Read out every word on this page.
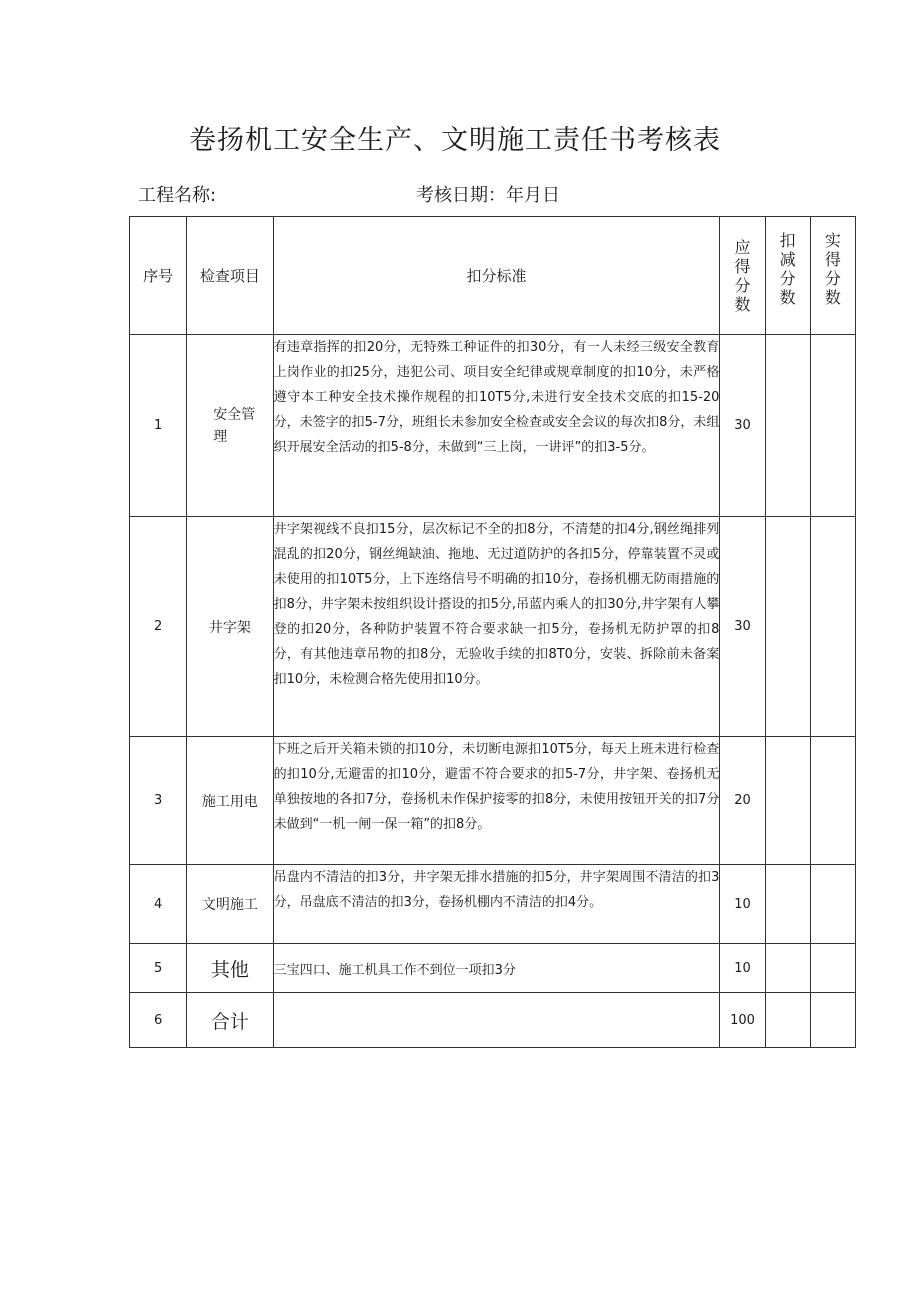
卷扬机工安全生产、文明施工责任书考核表
工程名称:	考核日期：年月日
序号	检查项目	扣分标准	应得分数	扣减分数	实得分数

1	安全管理	有违章指挥的扣20分，无特殊工种证件的扣30分，有一人未经三级安全教育上岗作业的扣25分，违犯公司、项目安全纪律或规章制度的扣10分，未严格遵守本工种安全技术操作规程的扣10T5分,未进行安全技术交底的扣15-20分，未签字的扣5-7分，班组长未参加安全检查或安全会议的每次扣8分，未组织开展安全活动的扣5-8分，未做到“三上岗，一讲评”的扣3-5分。	30		
2	井字架	井字架视线不良扣15分，层次标记不全的扣8分，不清楚的扣4分,钢丝绳排列混乱的扣20分，钢丝绳缺油、拖地、无过道防护的各扣5分，停靠装置不灵或未使用的扣10T5分，上下连络信号不明确的扣10分，卷扬机棚无防雨措施的扣8分，井字架未按组织设计搭设的扣5分,吊蓝内乘人的扣30分,井字架有人攀登的扣20分，各种防护装置不符合要求缺一扣5分，卷扬机无防护罩的扣8分，有其他违章吊物的扣8分，无验收手续的扣8T0分，安装、拆除前未备案扣10分，未检测合格先使用扣10分。	30		
3	施工用电	下班之后开关箱未锁的扣10分，未切断电源扣10T5分，每天上班未进行检查的扣10分,无避雷的扣10分，避雷不符合要求的扣5-7分，井字架、卷扬机无单独按地的各扣7分，卷扬机未作保护接零的扣8分，未使用按钮开关的扣7分未做到“一机一闸一保一箱”的扣8分。	20		
4	文明施工	吊盘内不清洁的扣3分，井字架无排水措施的扣5分，井字架周围不清洁的扣3分，吊盘底不清洁的扣3分，卷扬机棚内不清洁的扣4分。	10		
5	其他	三宝四口、施工机具工作不到位一项扣3分	10		
6	合计		100		
